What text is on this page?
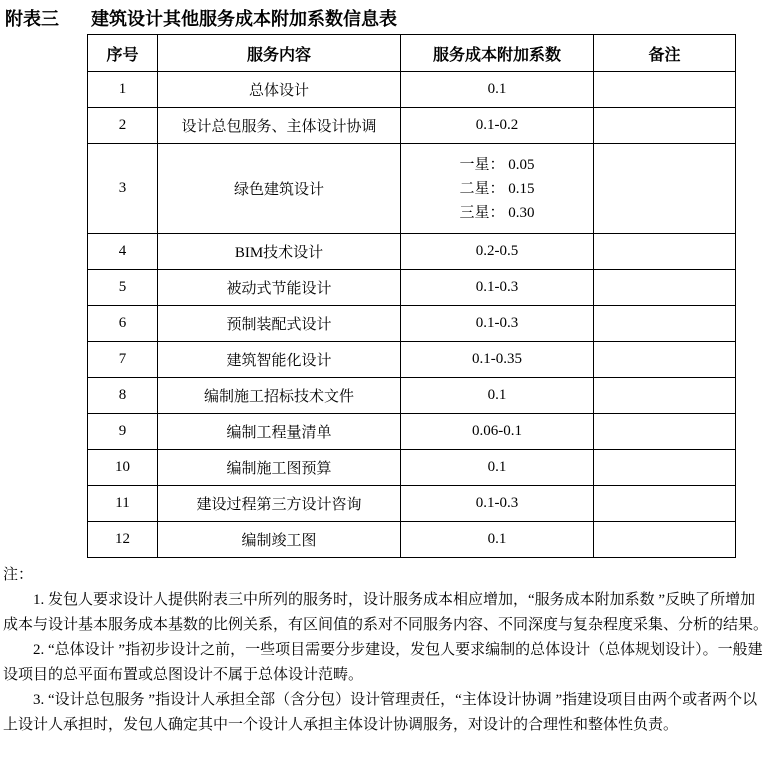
附表三 建筑设计其他服务成本附加系数信息表
序号	服务内容	服务成本附加系数	备注
1	总体设计	0.1	
2	设计总包服务、主体设计协调	0.1-0.2	
3	绿色建筑设计	一星： 0.05
二星： 0.15
三星： 0.30	

4	BIM技术设计	0.2-0.5	
5	被动式节能设计	0.1-0.3	
6	预制装配式设计	0.1-0.3	
7	建筑智能化设计	0.1-0.35	
8	编制施工招标技术文件	0.1	
9	编制工程量清单	0.06-0.1	
10	编制施工图预算	0.1	
11	建设过程第三方设计咨询	0.1-0.3	
12	编制竣工图	0.1	
注：

1. 发包人要求设计人提供附表三中所列的服务时，设计服务成本相应增加，“服务成本附加系数 ”反映了所增加成本与设计基本服务成本基数的比例关系，有区间值的系对不同服务内容、不同深度与复杂程度采集、分析的结果。

2. “总体设计 ”指初步设计之前，一些项目需要分步建设，发包人要求编制的总体设计（总体规划设计）。一般建设项目的总平面布置或总图设计不属于总体设计范畴。

3. “设计总包服务 ”指设计人承担全部（含分包）设计管理责任，“主体设计协调 ”指建设项目由两个或者两个以上设计人承担时，发包人确定其中一个设计人承担主体设计协调服务，对设计的合理性和整体性负责。
